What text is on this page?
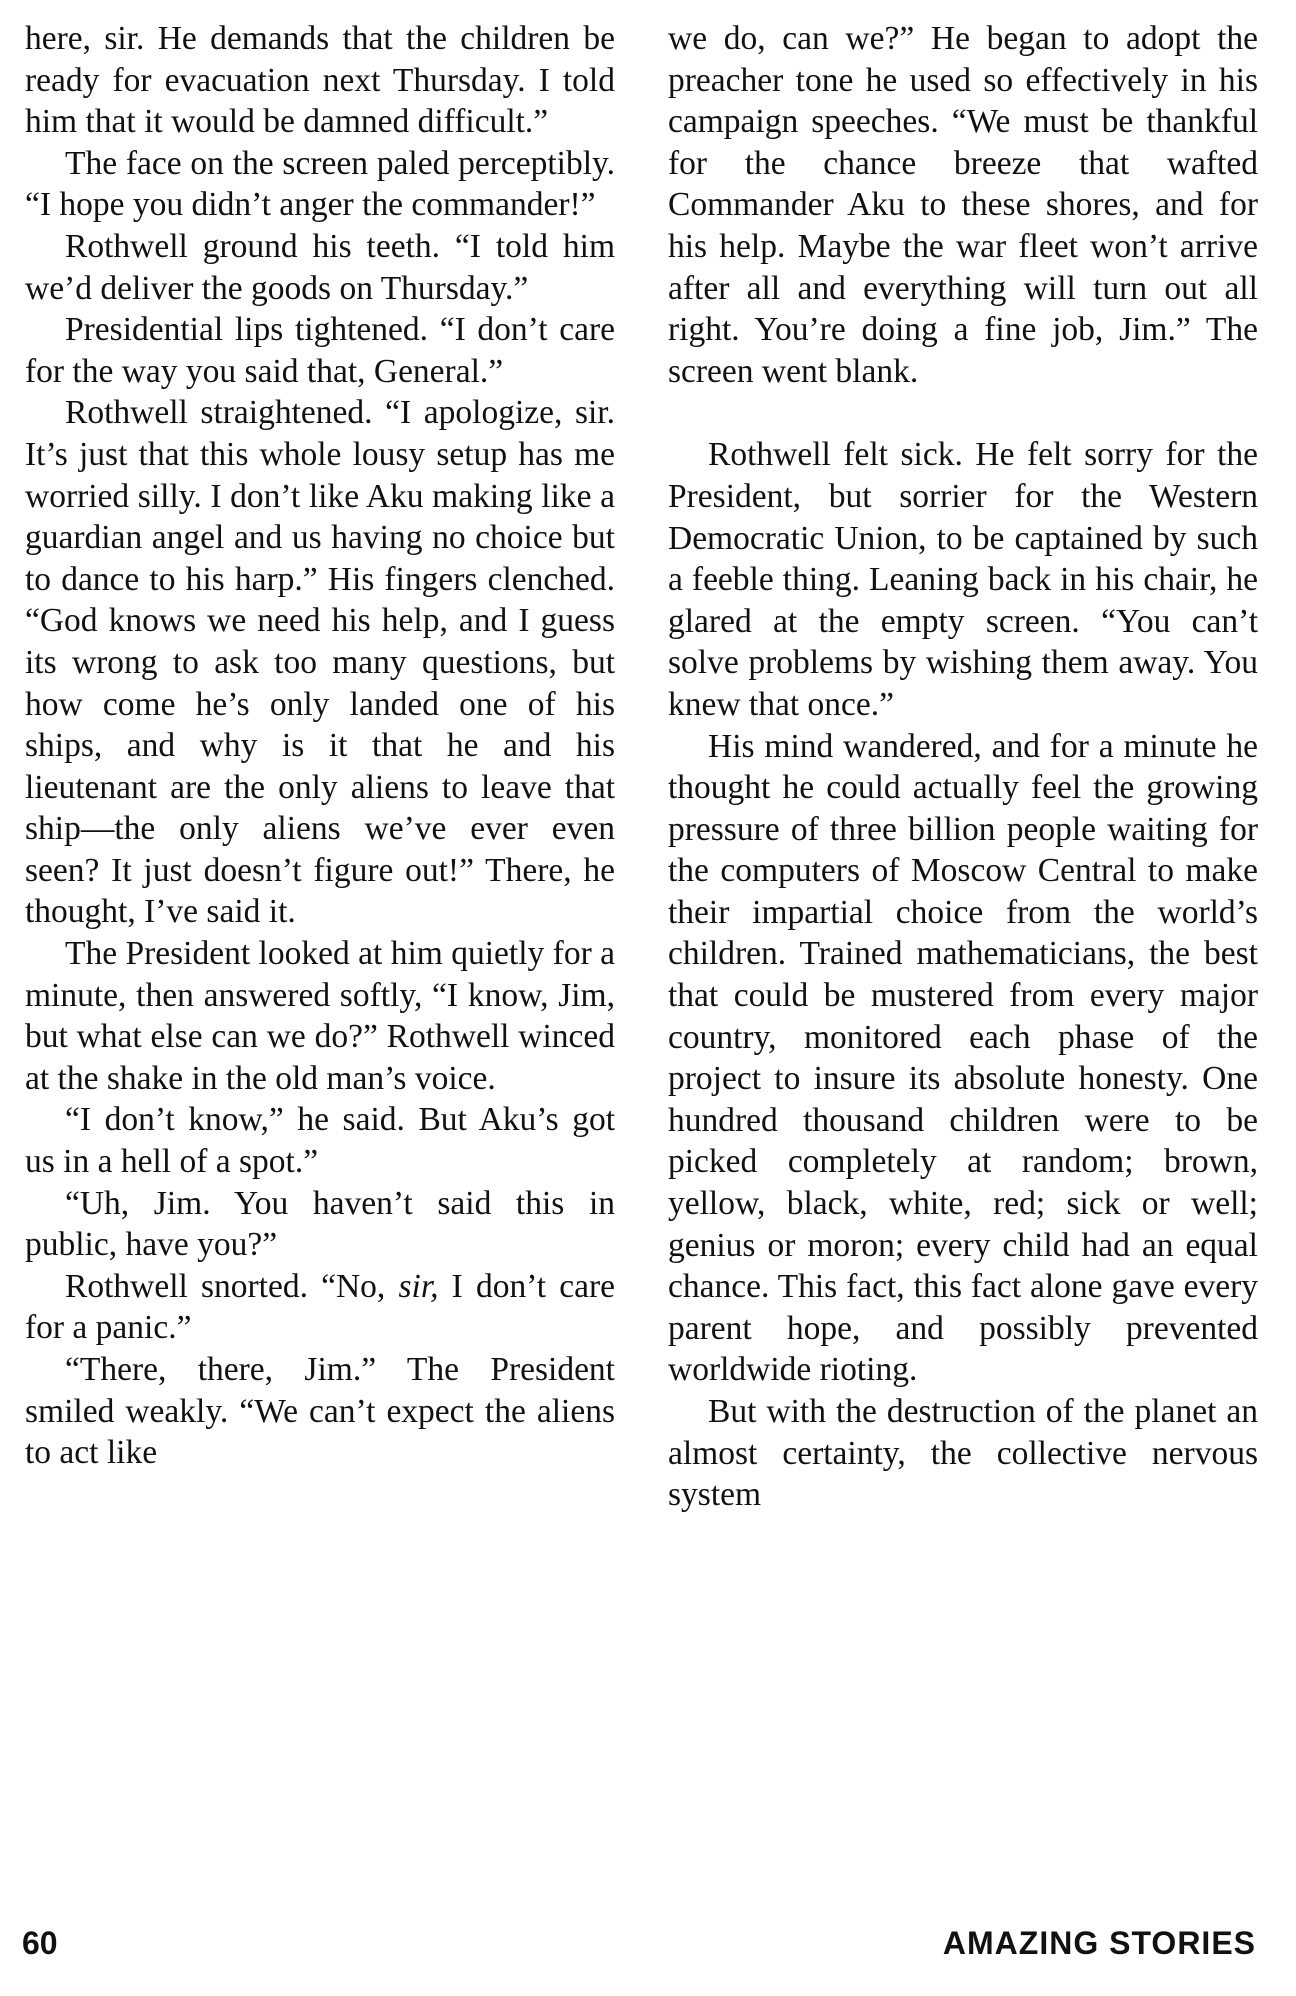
here, sir. He demands that the children be ready for evacuation next Thursday. I told him that it would be damned difficult.”

The face on the screen paled perceptibly. “I hope you didn’t anger the commander!”

Rothwell ground his teeth. “I told him we’d deliver the goods on Thursday.”

Presidential lips tightened. “I don’t care for the way you said that, General.”

Rothwell straightened. “I apologize, sir. It’s just that this whole lousy setup has me worried silly. I don’t like Aku making like a guardian angel and us having no choice but to dance to his harp.” His fingers clenched. “God knows we need his help, and I guess its wrong to ask too many questions, but how come he’s only landed one of his ships, and why is it that he and his lieutenant are the only aliens to leave that ship—the only aliens we’ve ever even seen? It just doesn’t figure out!” There, he thought, I’ve said it.

The President looked at him quietly for a minute, then answered softly, “I know, Jim, but what else can we do?” Rothwell winced at the shake in the old man’s voice.

“I don’t know,” he said. But Aku’s got us in a hell of a spot.”

“Uh, Jim. You haven’t said this in public, have you?”

Rothwell snorted. “No, sir, I don’t care for a panic.”

“There, there, Jim.” The President smiled weakly. “We can’t expect the aliens to act like

we do, can we?” He began to adopt the preacher tone he used so effectively in his campaign speeches. “We must be thankful for the chance breeze that wafted Commander Aku to these shores, and for his help. Maybe the war fleet won’t arrive after all and everything will turn out all right. You’re doing a fine job, Jim.” The screen went blank.

Rothwell felt sick. He felt sorry for the President, but sorrier for the Western Democratic Union, to be captained by such a feeble thing. Leaning back in his chair, he glared at the empty screen. “You can’t solve problems by wishing them away. You knew that once.”

His mind wandered, and for a minute he thought he could actually feel the growing pressure of three billion people waiting for the computers of Moscow Central to make their impartial choice from the world’s children. Trained mathematicians, the best that could be mustered from every major country, monitored each phase of the project to insure its absolute honesty. One hundred thousand children were to be picked completely at random; brown, yellow, black, white, red; sick or well; genius or moron; every child had an equal chance. This fact, this fact alone gave every parent hope, and possibly prevented worldwide rioting.

But with the destruction of the planet an almost certainty, the collective nervous system

60	AMAZING STORIES
